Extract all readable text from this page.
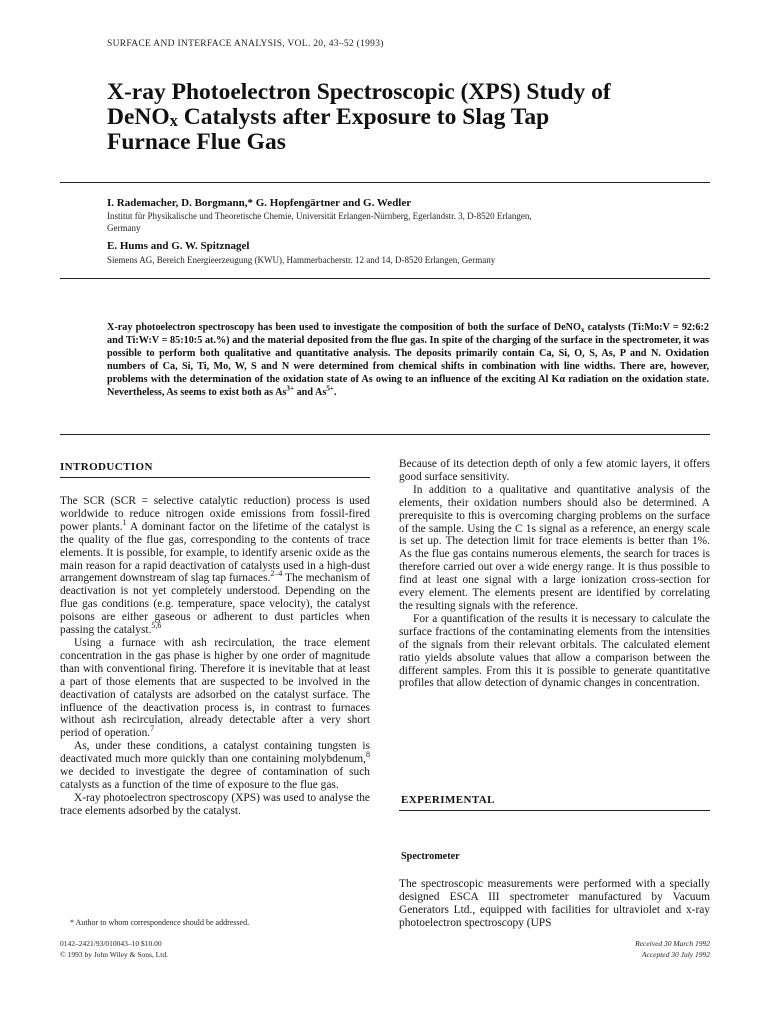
SURFACE AND INTERFACE ANALYSIS, VOL. 20, 43–52 (1993)
X-ray Photoelectron Spectroscopic (XPS) Study of
DeNO$_x$ Catalysts after Exposure to Slag Tap
Furnace Flue Gas
I. Rademacher, D. Borgmann,* G. Hopfengärtner and G. Wedler
Institut für Physikalische und Theoretische Chemie, Universität Erlangen-Nürnberg, Egerlandstr. 3, D-8520 Erlangen,
Germany
E. Hums and G. W. Spitznagel
Siemens AG, Bereich Energieerzeugung (KWU), Hammerbacherstr. 12 and 14, D-8520 Erlangen, Germany
X-ray photoelectron spectroscopy has been used to investigate the composition of both the surface of DeNO$_x$ catalysts (Ti:Mo:V = 92:6:2 and Ti:W:V = 85:10:5 at.%) and the material deposited from the flue gas. In spite of the charging of the surface in the spectrometer, it was possible to perform both qualitative and quantitative analysis. The deposits primarily contain Ca, Si, O, S, As, P and N. Oxidation numbers of Ca, Si, Ti, Mo, W, S and N were determined from chemical shifts in combination with line widths. There are, however, problems with the determination of the oxidation state of As owing to an influence of the exciting Al Kα radiation on the oxidation state. Nevertheless, As seems to exist both as $As^{3+}$ and $As^{5+}$.
INTRODUCTION

The SCR (SCR = selective catalytic reduction) process is used worldwide to reduce nitrogen oxide emissions from fossil-fired power plants.$^1$ A dominant factor on the lifetime of the catalyst is the quality of the flue gas, corresponding to the contents of trace elements. It is possible, for example, to identify arsenic oxide as the main reason for a rapid deactivation of catalysts used in a high-dust arrangement downstream of slag tap furnaces.$^{2-4}$ The mechanism of deactivation is not yet completely understood. Depending on the flue gas conditions (e.g. temperature, space velocity), the catalyst poisons are either gaseous or adherent to dust particles when passing the catalyst.$^{5,6}$

Using a furnace with ash recirculation, the trace element concentration in the gas phase is higher by one order of magnitude than with conventional firing. Therefore it is inevitable that at least a part of those elements that are suspected to be involved in the deactivation of catalysts are adsorbed on the catalyst surface. The influence of the deactivation process is, in contrast to furnaces without ash recirculation, already detectable after a very short period of operation.$^7$

As, under these conditions, a catalyst containing tungsten is deactivated much more quickly than one containing molybdenum,$^8$ we decided to investigate the degree of contamination of such catalysts as a function of the time of exposure to the flue gas.

X-ray photoelectron spectroscopy (XPS) was used to analyse the trace elements adsorbed by the catalyst.

* Author to whom correspondence should be addressed.
0142–2421/93/010043–10 $10.00
© 1993 by John Wiley & Sons, Ltd.

Because of its detection depth of only a few atomic layers, it offers good surface sensitivity.

In addition to a qualitative and quantitative analysis of the elements, their oxidation numbers should also be determined. A prerequisite to this is overcoming charging problems on the surface of the sample. Using the C 1s signal as a reference, an energy scale is set up. The detection limit for trace elements is better than 1%. As the flue gas contains numerous elements, the search for traces is therefore carried out over a wide energy range. It is thus possible to find at least one signal with a large ionization cross-section for every element. The elements present are identified by correlating the resulting signals with the reference.

For a quantification of the results it is necessary to calculate the surface fractions of the contaminating elements from the intensities of the signals from their relevant orbitals. The calculated element ratio yields absolute values that allow a comparison between the different samples. From this it is possible to generate quantitative profiles that allow detection of dynamic changes in concentration.

EXPERIMENTAL
Spectrometer

The spectroscopic measurements were performed with a specially designed ESCA III spectrometer manufactured by Vacuum Generators Ltd., equipped with facilities for ultraviolet and x-ray photoelectron spectroscopy (UPS

Received 30 March 1992
Accepted 30 July 1992
